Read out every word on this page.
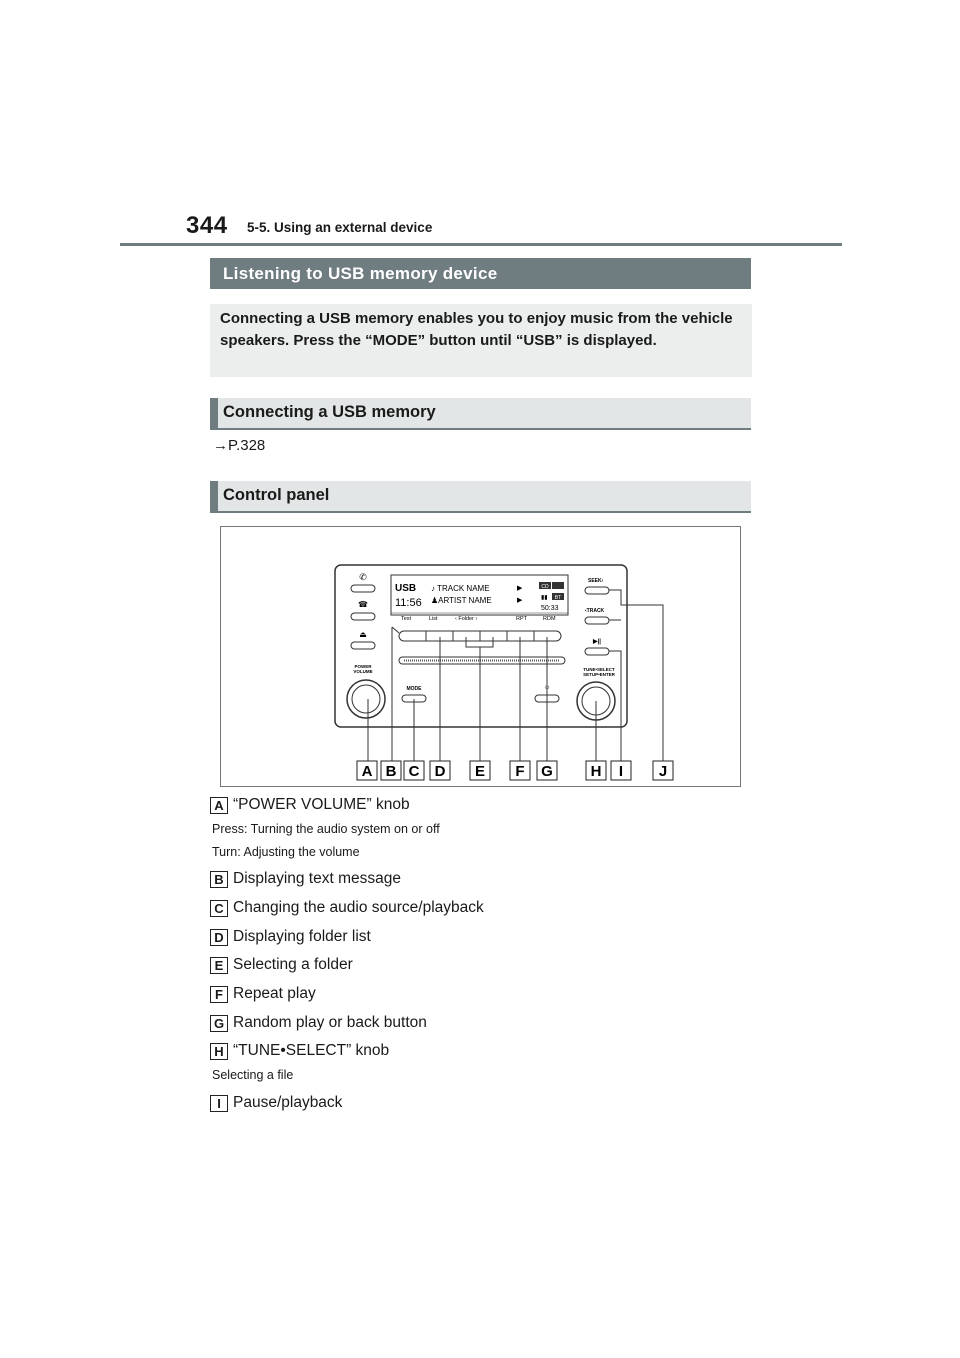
344 5-5. Using an external device
Listening to USB memory device
Connecting a USB memory enables you to enjoy music from the vehicle speakers. Press the “MODE” button until “USB” is displayed.
Connecting a USB memory
→P.328
Control panel
✆
☎
⏏
POWER VOLUME
USB
11:56
♪ TRACK NAME
♟ARTIST NAME
▶
▶
CD
BT
▮▮
50:33
Text	List	‹ Folder ›	RPT	RDM
MODE	☼
SEEK›
‹TRACK
▶||
TUNE•SELECT SETUP•ENTER
A B C D E F G	H I J
A “POWER VOLUME” knob
Press: Turning the audio system on or off
Turn: Adjusting the volume
B Displaying text message
C Changing the audio source/playback
D Displaying folder list
E Selecting a folder
F Repeat play
G Random play or back button
H “TUNE•SELECT” knob
Selecting a file
I Pause/playback
